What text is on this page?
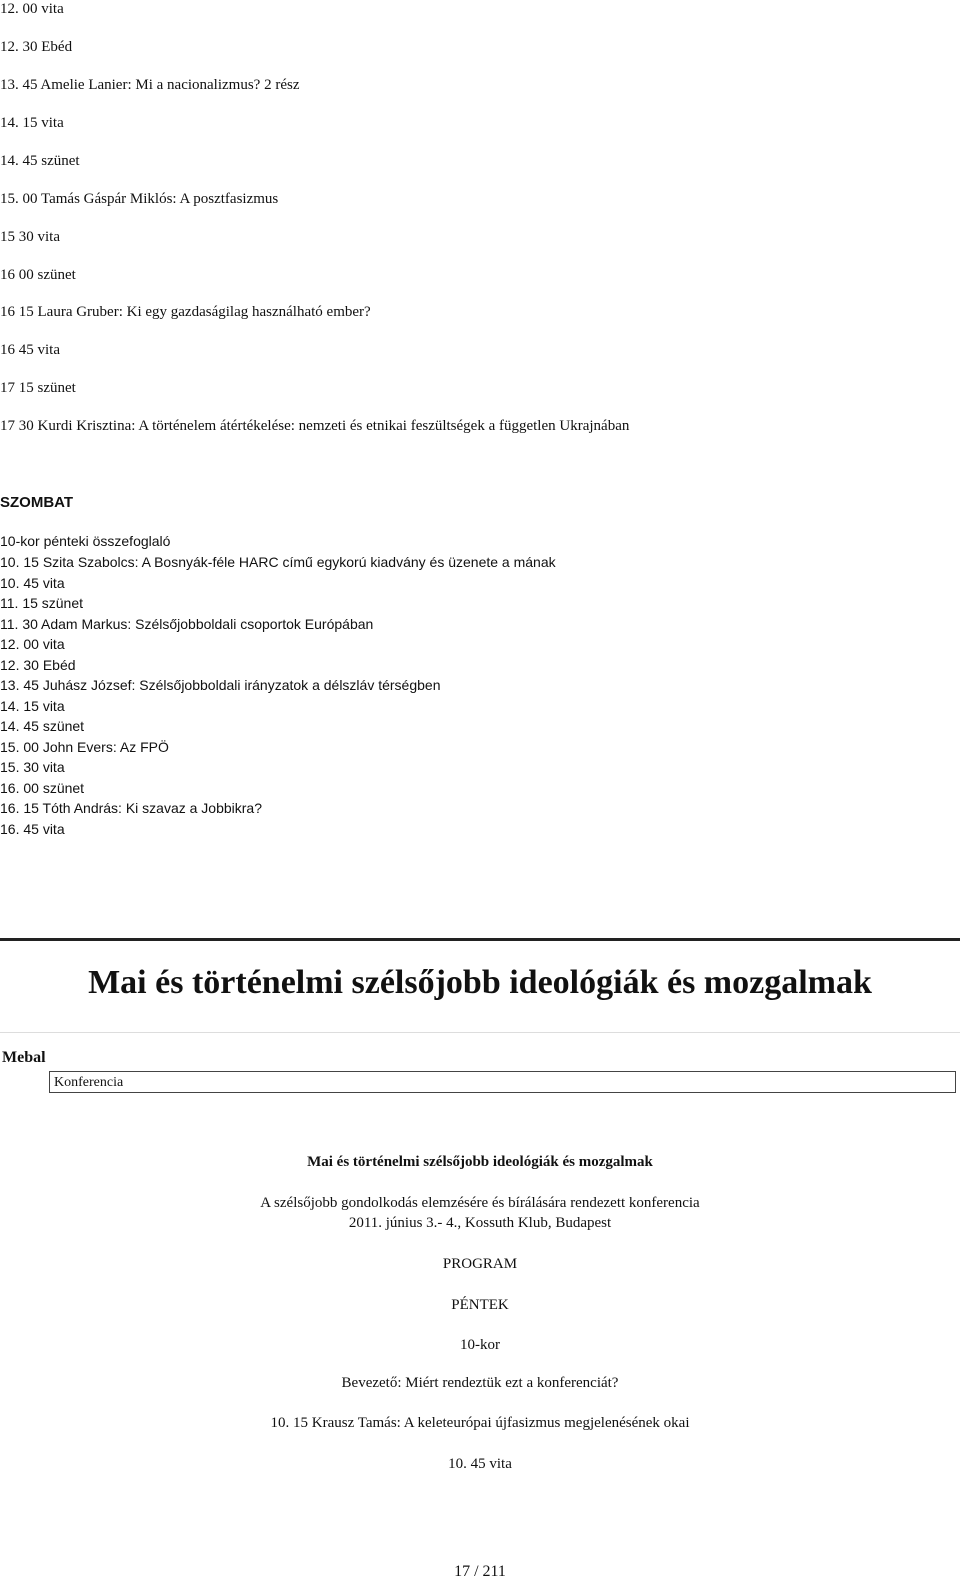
12. 00 vita
12. 30 Ebéd
13. 45 Amelie Lanier: Mi a nacionalizmus? 2 rész
14. 15 vita
14. 45 szünet
15. 00 Tamás Gáspár Miklós: A posztfasizmus
15 30 vita
16 00 szünet
16 15 Laura Gruber: Ki egy gazdaságilag használható ember?
16 45 vita
17 15 szünet
17 30 Kurdi Krisztina: A történelem átértékelése: nemzeti és etnikai feszültségek a független Ukrajnában
SZOMBAT
10-kor pénteki összefoglaló
10. 15 Szita Szabolcs: A Bosnyák-féle HARC című egykorú kiadvány és üzenete a mának
10. 45 vita
11. 15 szünet
11. 30 Adam Markus: Szélsőjobboldali csoportok Európában
12. 00 vita
12. 30 Ebéd
13. 45 Juhász József: Szélsőjobboldali irányzatok a délszláv térségben
14. 15 vita
14. 45 szünet
15. 00 John Evers: Az FPÖ
15. 30 vita
16. 00 szünet
16. 15 Tóth András: Ki szavaz a Jobbikra?
16. 45 vita
Mai és történelmi szélsőjobb ideológiák és mozgalmak
Mebal
Konferencia
Mai és történelmi szélsőjobb ideológiák és mozgalmak
A szélsőjobb gondolkodás elemzésére és bírálására rendezett konferencia
2011. június 3.- 4., Kossuth Klub, Budapest
PROGRAM
PÉNTEK
10-kor
Bevezető: Miért rendeztük ezt a konferenciát?
10. 15 Krausz Tamás: A keleteurópai újfasizmus megjelenésének okai
10. 45 vita
17 / 211
